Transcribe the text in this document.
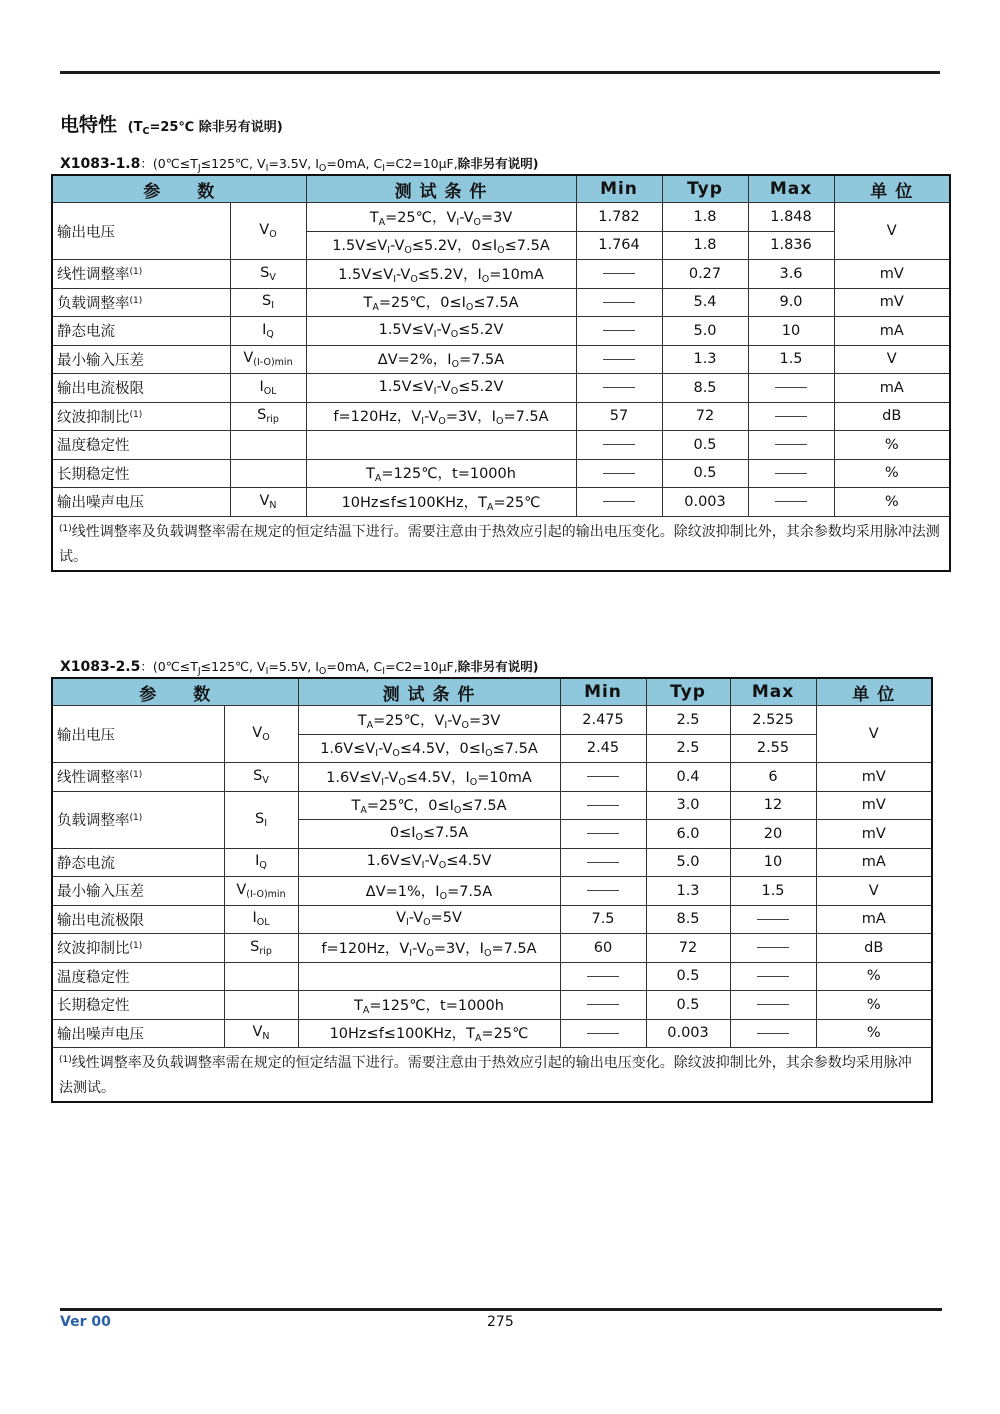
电特性 ($T_C=25℃$ 除非另有说明)
X1083-1.8：($0℃\le T_J\le 125℃$, $V_I=3.5V$, $I_O=0mA$, $C_I=C2=10\mu F$,除非另有说明)
参　　数		测 试 条 件	Min	Typ	Max	单 位
输出电压	$V_O$	$T_A=25℃$，$V_I-V_O=3V$	1.782	1.8	1.848	V
		$1.5V\le V_I-V_O\le 5.2V$，$0\le I_O\le 7.5A$	1.764	1.8	1.836	
线性调整率$^{(1)}$	$S_V$	$1.5V\le V_I-V_O\le 5.2V$，$I_O=10mA$		0.27	3.6	mV
负载调整率$^{(1)}$	$S_I$	$T_A=25℃$，$0\le I_O\le 7.5A$		5.4	9.0	mV
静态电流	$I_Q$	$1.5V\le V_I-V_O\le 5.2V$		5.0	10	mA
最小输入压差	$V_{(I-O)min}$	ΔV=2%，$I_O=7.5A$		1.3	1.5	V
输出电流极限	$I_{OL}$	$1.5V\le V_I-V_O\le 5.2V$		8.5		mA
纹波抑制比$^{(1)}$	$S_{rip}$	f=120Hz，$V_I-V_O=3V$，$I_O=7.5A$	57	72		dB
温度稳定性				0.5		%
长期稳定性		$T_A=125℃$，t=1000h		0.5		%
输出噪声电压	$V_N$	10Hz≤f≤100KHz，$T_A=25℃$		0.003		%
$^{(1)}$线性调整率及负载调整率需在规定的恒定结温下进行。需要注意由于热效应引起的输出电压变化。除纹波抑制比外，其余参数均采用脉冲法测试。						
X1083-2.5：($0℃\le T_J\le 125℃$, $V_I=5.5V$, $I_O=0mA$, $C_I=C2=10\mu F$,除非另有说明)
参　　数		测 试 条 件	Min	Typ	Max	单 位
输出电压	$V_O$	$T_A=25℃$，$V_I-V_O=3V$	2.475	2.5	2.525	V
		$1.6V\le V_I-V_O\le 4.5V$，$0\le I_O\le 7.5A$	2.45	2.5	2.55	
线性调整率$^{(1)}$	$S_V$	$1.6V\le V_I-V_O\le 4.5V$，$I_O=10mA$		0.4	6	mV
负载调整率$^{(1)}$	$S_I$	$T_A=25℃$，$0\le I_O\le 7.5A$		3.0	12	mV
		$0\le I_O\le 7.5A$		6.0	20	mV
静态电流	$I_Q$	$1.6V\le V_I-V_O\le 4.5V$		5.0	10	mA
最小输入压差	$V_{(I-O)min}$	ΔV=1%，$I_O=7.5A$		1.3	1.5	V
输出电流极限	$I_{OL}$	$V_I-V_O=5V$	7.5	8.5		mA
纹波抑制比$^{(1)}$	$S_{rip}$	f=120Hz，$V_I-V_O=3V$，$I_O=7.5A$	60	72		dB
温度稳定性				0.5		%
长期稳定性		$T_A=125℃$，t=1000h		0.5		%
输出噪声电压	$V_N$	10Hz≤f≤100KHz，$T_A=25℃$		0.003		%
$^{(1)}$线性调整率及负载调整率需在规定的恒定结温下进行。需要注意由于热效应引起的输出电压变化。除纹波抑制比外，其余参数均采用脉冲法测试。						
Ver 00	275
